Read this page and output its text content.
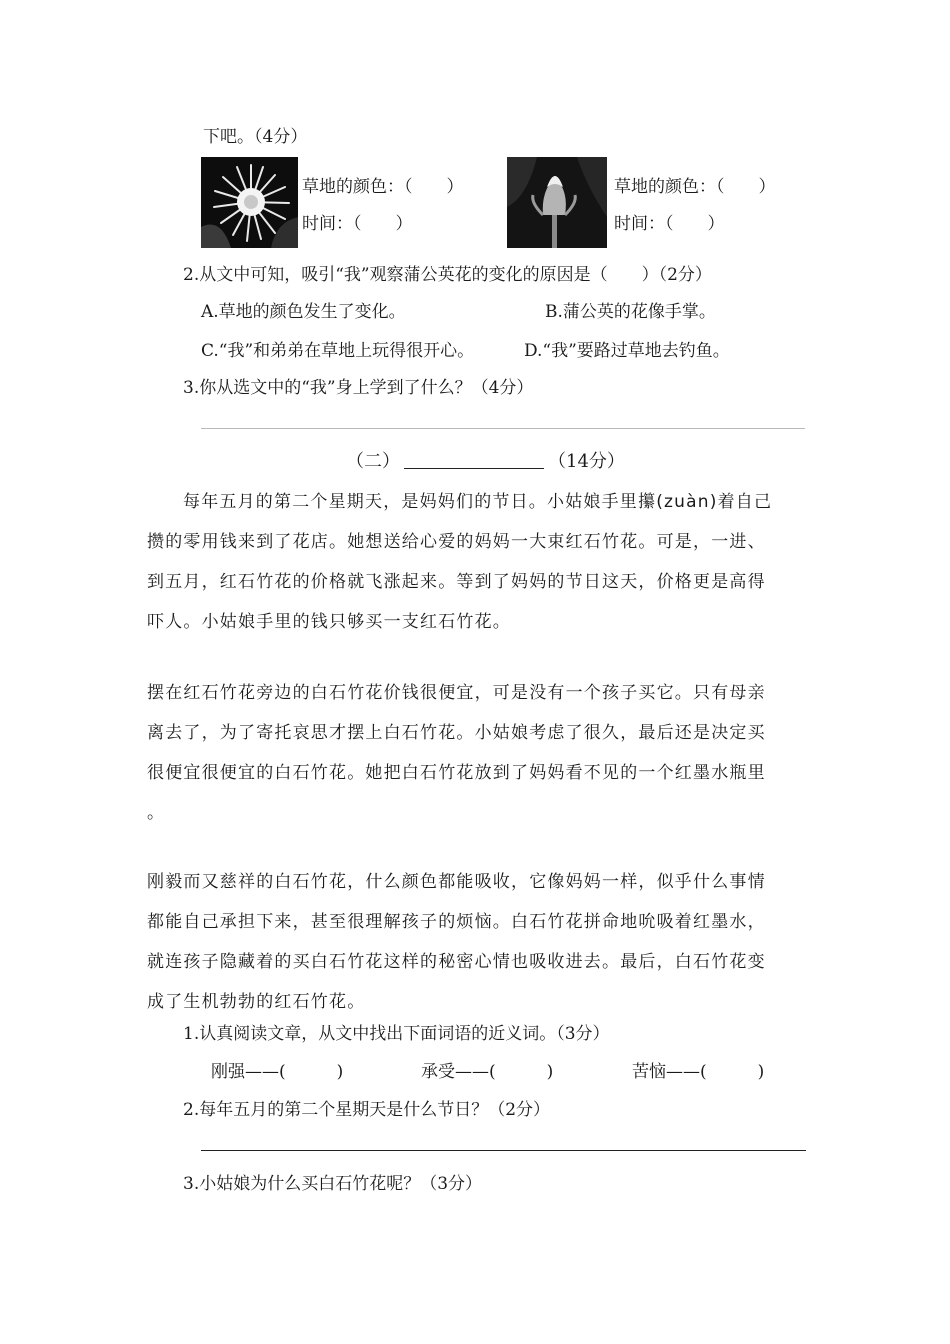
下吧。（4分）
草地的颜色：（　　）
时间：（　　）
草地的颜色：（　　）
时间：（　　）
2.从文中可知，吸引“我”观察蒲公英花的变化的原因是（　　）（2分）
A.草地的颜色发生了变化。	B.蒲公英的花像手掌。
C.“我”和弟弟在草地上玩得很开心。	D.“我”要路过草地去钓鱼。
3.你从选文中的“我”身上学到了什么？（4分）
（二）	（14分）
每年五月的第二个星期天，是妈妈们的节日。小姑娘手里攥(zuàn)着自己
攒的零用钱来到了花店。她想送给心爱的妈妈一大束红石竹花。可是，一进、
到五月，红石竹花的价格就飞涨起来。等到了妈妈的节日这天，价格更是高得
吓人。小姑娘手里的钱只够买一支红石竹花。
摆在红石竹花旁边的白石竹花价钱很便宜，可是没有一个孩子买它。只有母亲
离去了，为了寄托哀思才摆上白石竹花。小姑娘考虑了很久，最后还是决定买
很便宜很便宜的白石竹花。她把白石竹花放到了妈妈看不见的一个红墨水瓶里
。
刚毅而又慈祥的白石竹花，什么颜色都能吸收，它像妈妈一样，似乎什么事情
都能自己承担下来，甚至很理解孩子的烦恼。白石竹花拼命地吮吸着红墨水，
就连孩子隐藏着的买白石竹花这样的秘密心情也吸收进去。最后，白石竹花变
成了生机勃勃的红石竹花。
1.认真阅读文章，从文中找出下面词语的近义词。（3分）
刚强——(　　　)	承受——(　　　)	苦恼——(　　　)
2.每年五月的第二个星期天是什么节日？（2分）
3.小姑娘为什么买白石竹花呢？（3分）
